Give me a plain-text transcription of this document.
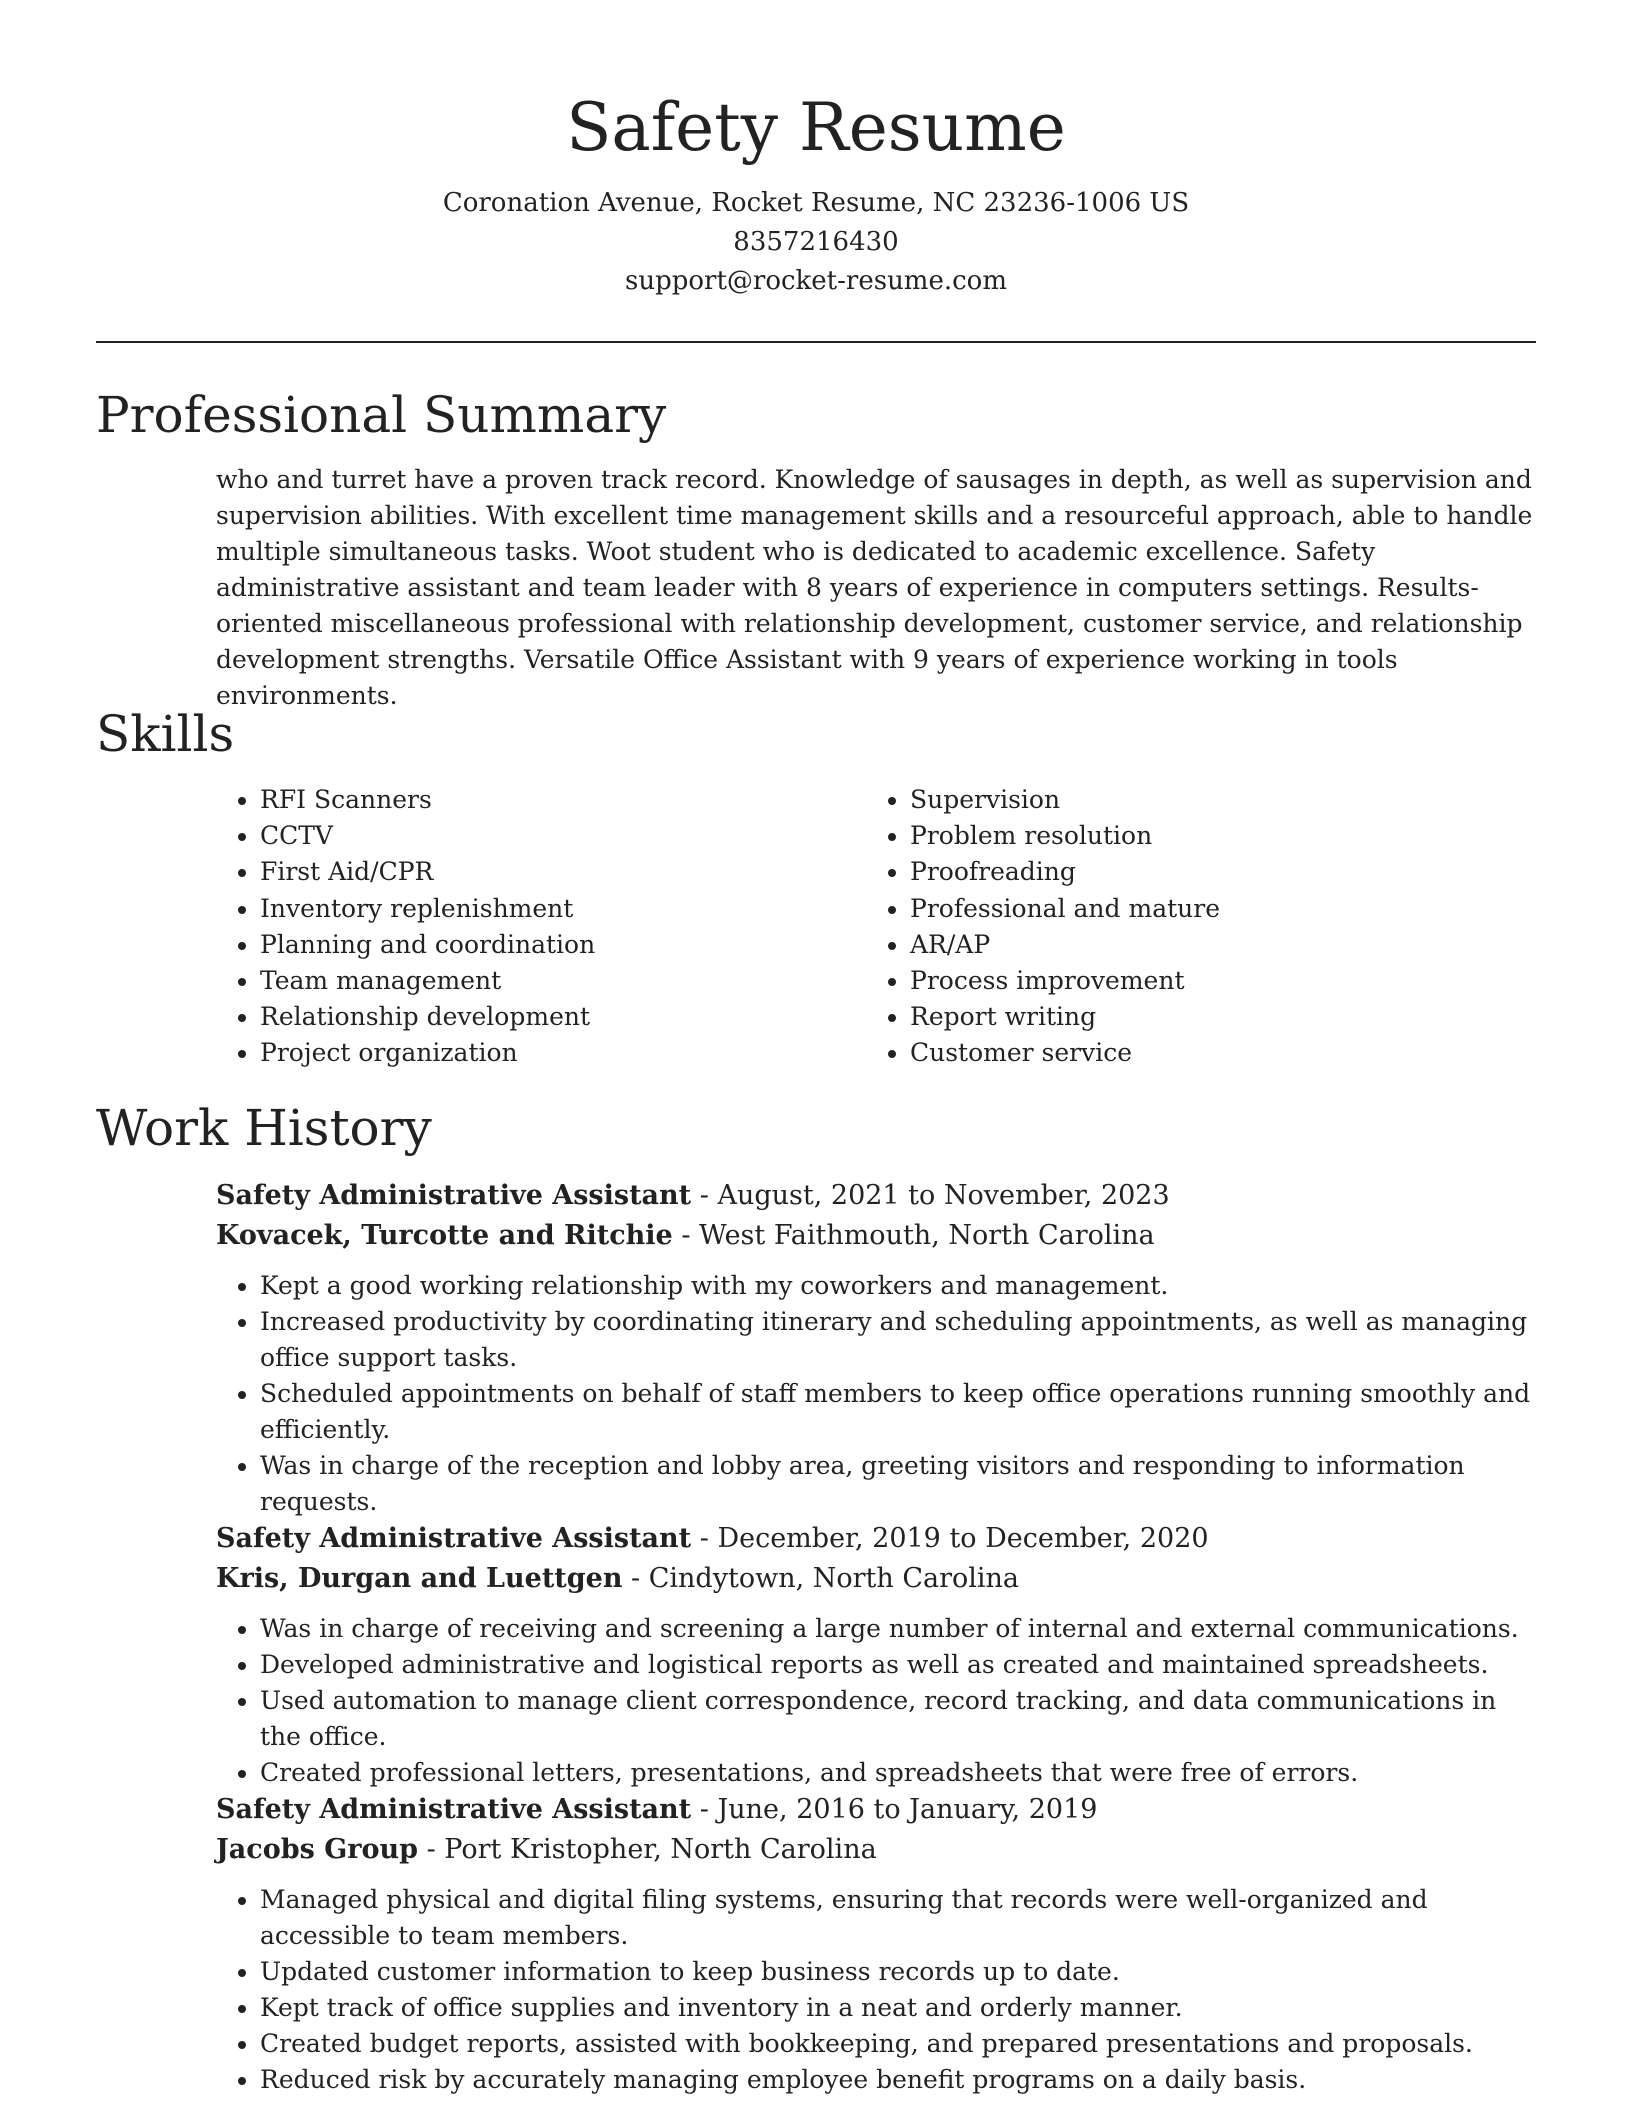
Safety Resume
Coronation Avenue, Rocket Resume, NC 23236-1006 US
8357216430
support@rocket-resume.com
Professional Summary

who and turret have a proven track record. Knowledge of sausages in depth, as well as supervision and supervision abilities. With excellent time management skills and a resourceful approach, able to handle multiple simultaneous tasks. Woot student who is dedicated to academic excellence. Safety administrative assistant and team leader with 8 years of experience in computers settings. Results-oriented miscellaneous professional with relationship development, customer service, and relationship development strengths. Versatile Office Assistant with 9 years of experience working in tools environments.

Skills
• RFI Scanners
• CCTV
• First Aid/CPR
• Inventory replenishment
• Planning and coordination
• Team management
• Relationship development
• Project organization
• Supervision
• Problem resolution
• Proofreading
• Professional and mature
• AR/AP
• Process improvement
• Report writing
• Customer service
Work History

Safety Administrative Assistant - August, 2021 to November, 2023

Kovacek, Turcotte and Ritchie - West Faithmouth, North Carolina

• Kept a good working relationship with my coworkers and management.
• Increased productivity by coordinating itinerary and scheduling appointments, as well as managing office support tasks.
• Scheduled appointments on behalf of staff members to keep office operations running smoothly and efficiently.
• Was in charge of the reception and lobby area, greeting visitors and responding to information requests.

Safety Administrative Assistant - December, 2019 to December, 2020

Kris, Durgan and Luettgen - Cindytown, North Carolina

• Was in charge of receiving and screening a large number of internal and external communications.
• Developed administrative and logistical reports as well as created and maintained spreadsheets.
• Used automation to manage client correspondence, record tracking, and data communications in the office.
• Created professional letters, presentations, and spreadsheets that were free of errors.

Safety Administrative Assistant - June, 2016 to January, 2019

Jacobs Group - Port Kristopher, North Carolina

• Managed physical and digital filing systems, ensuring that records were well-organized and accessible to team members.
• Updated customer information to keep business records up to date.
• Kept track of office supplies and inventory in a neat and orderly manner.
• Created budget reports, assisted with bookkeeping, and prepared presentations and proposals.
• Reduced risk by accurately managing employee benefit programs on a daily basis.
